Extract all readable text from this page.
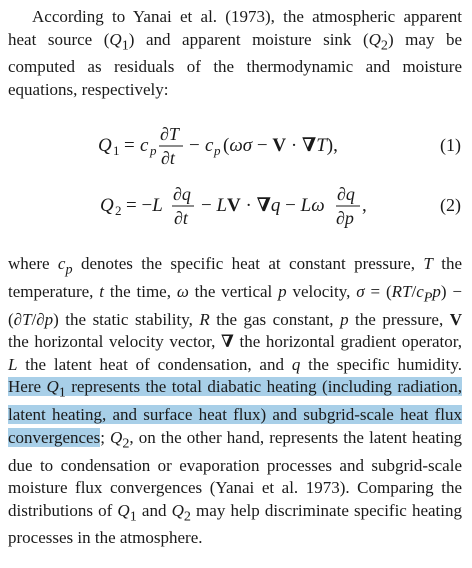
According to Yanai et al. (1973), the atmospheric apparent heat source $(Q_1)$ and apparent moisture sink $(Q_2)$ may be computed as residuals of the thermodynamic and moisture equations, respectively:

Q 1 = c p
∂T
∂t
− c p (ωσ − V · ∇T),	(1)
Q 2 = −L
∂q
∂t
− LV · ∇q − Lω
∂q
∂p
,	(2)

where $c_p$ denotes the specific heat at constant pressure, T the temperature, t the time, ω the vertical p velocity, $\sigma = (RT/c_Pp) - (\partial T/\partial p)$ the static stability, R the gas constant, p the pressure, V the horizontal velocity vector, ∇ the horizontal gradient operator, L the latent heat of condensation, and q the specific humidity. Here $Q_1$ represents the total diabatic heating (including radiation, latent heating, and surface heat flux) and subgrid-scale heat flux convergences; $Q_2$, on the other hand, represents the latent heating due to condensation or evaporation processes and subgrid-scale moisture flux convergences (Yanai et al. 1973). Comparing the distributions of $Q_1$ and $Q_2$ may help discriminate specific heating processes in the atmosphere.
